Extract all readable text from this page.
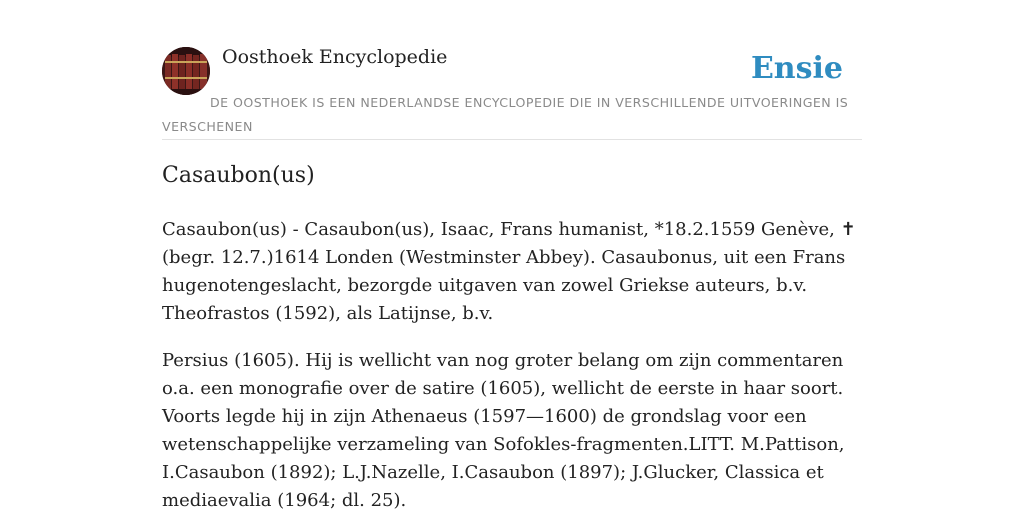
Oosthoek Encyclopedie	Ensie
DE OOSTHOEK IS EEN NEDERLANDSE ENCYCLOPEDIE DIE IN VERSCHILLENDE UITVOERINGEN IS VERSCHENEN
Casaubon(us)

Casaubon(us) - Casaubon(us), Isaac, Frans humanist, *18.2.1559 Genève, ✝ (begr. 12.7.)1614 Londen (Westminster Abbey). Casaubonus, uit een Frans hugenotengeslacht, bezorgde uitgaven van zowel Griekse auteurs, b.v. Theofrastos (1592), als Latijnse, b.v.

Persius (1605). Hij is wellicht van nog groter belang om zijn commentaren o.a. een monografie over de satire (1605), wellicht de eerste in haar soort. Voorts legde hij in zijn Athenaeus (1597—1600) de grondslag voor een wetenschappelijke verzameling van Sofokles-fragmenten.LITT. M.Pattison, I.Casaubon (1892); L.J.Nazelle, I.Casaubon (1897); J.Glucker, Classica et mediaevalia (1964; dl. 25).
